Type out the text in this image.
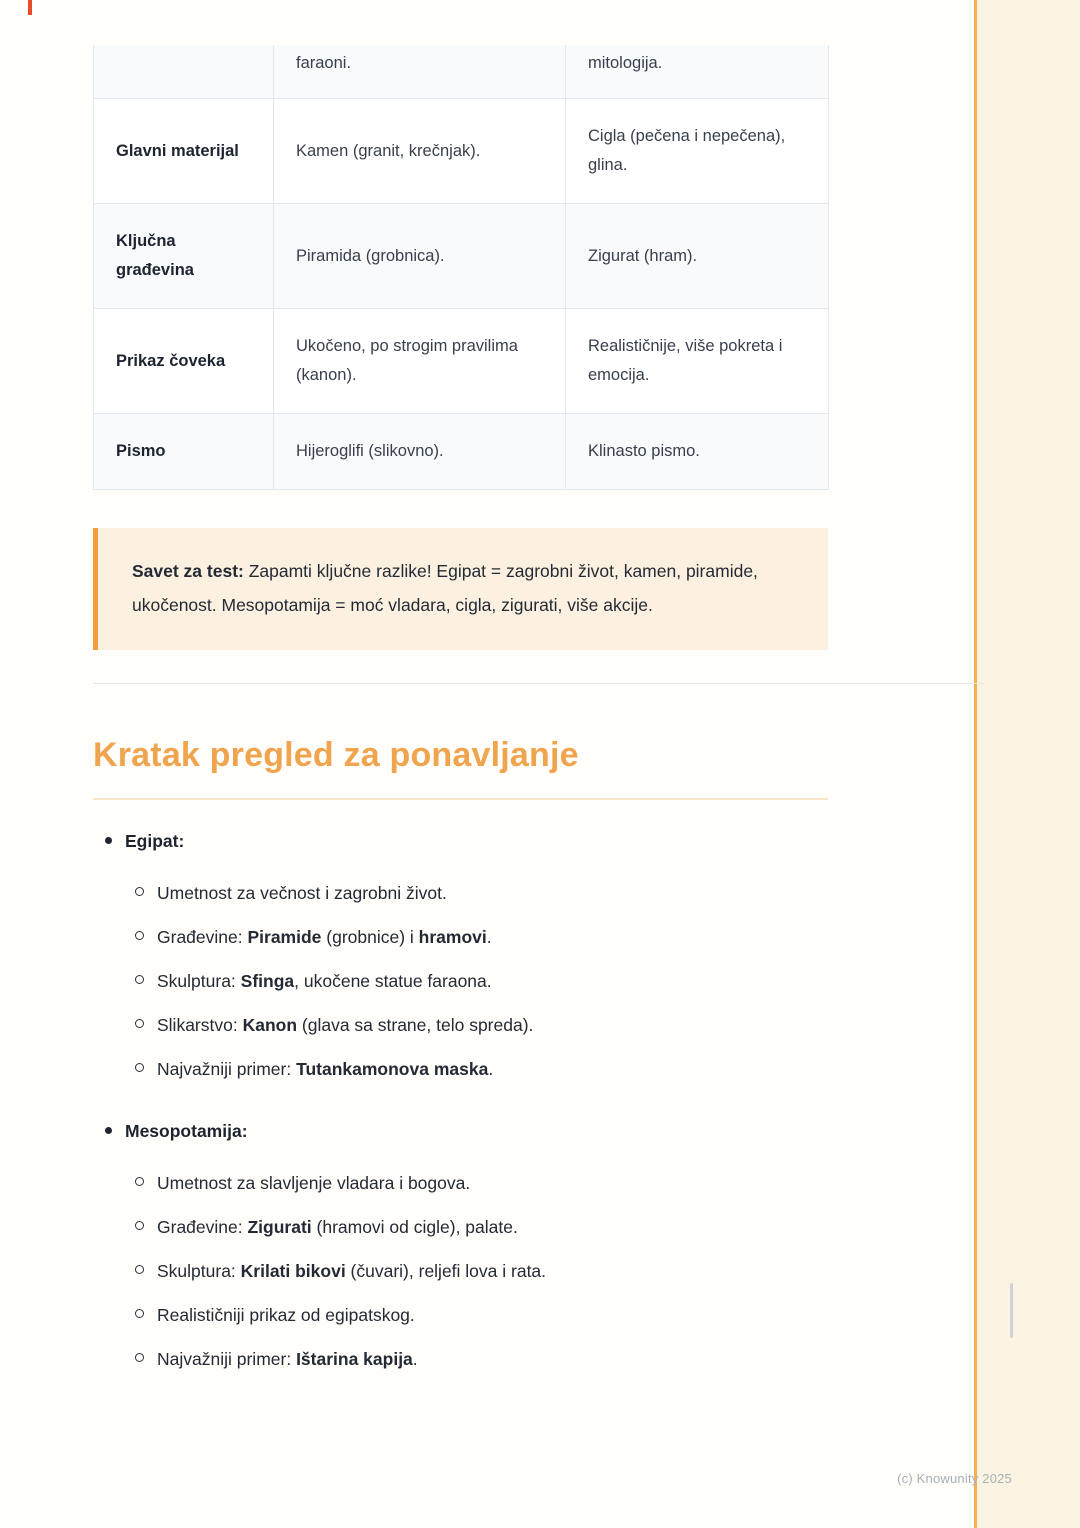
	faraoni.	mitologija.
Glavni materijal	Kamen (granit, krečnjak).	Cigla (pečena i nepečena), glina.
Ključna građevina	Piramida (grobnica).	Zigurat (hram).
Prikaz čoveka	Ukočeno, po strogim pravilima (kanon).	Realističnije, više pokreta i emocija.
Pismo	Hijeroglifi (slikovno).	Klinasto pismo.
Savet za test: Zapamti ključne razlike! Egipat = zagrobni život, kamen, piramide, ukočenost. Mesopotamija = moć vladara, cigla, zigurati, više akcije.
Kratak pregled za ponavljanje
Egipat:
Umetnost za večnost i zagrobni život.
Građevine: Piramide (grobnice) i hramovi.
Skulptura: Sfinga, ukočene statue faraona.
Slikarstvo: Kanon (glava sa strane, telo spreda).
Najvažniji primer: Tutankamonova maska.
Mesopotamija:
Umetnost za slavljenje vladara i bogova.
Građevine: Zigurati (hramovi od cigle), palate.
Skulptura: Krilati bikovi (čuvari), reljefi lova i rata.
Realističniji prikaz od egipatskog.
Najvažniji primer: Ištarina kapija.
(c) Knowunity 2025
